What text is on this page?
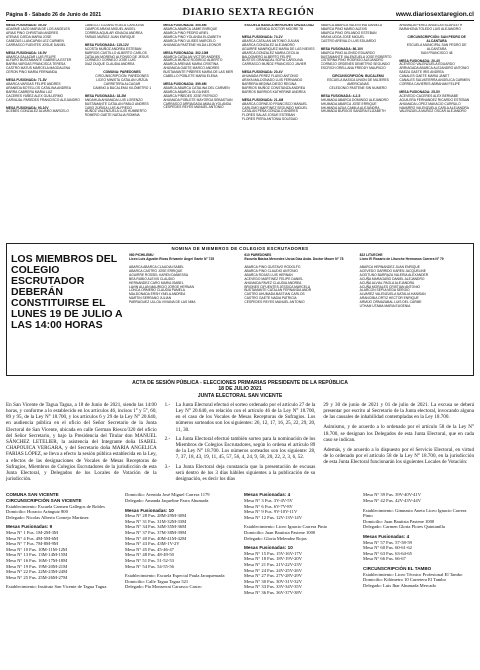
Página 8 - Sábado 26 de Junio de 2021	DIARIO SEXTA REGIÓN	www.diariosextaregion.cl
MESA FUSIONADA: 39-4V
ADASME LAZO MARIA DE LOS ANGELES
ARIAS PINO CHRISTIAN ANDRES
ATENAS OJEDA MARIA JOSE
CABEZAS LLANCAPAN LEZ CARMEN
CARRASCO FUENTES JOSUE DANIEL
MESA FUSIONADA: 16-9V
ABARCA SALAZAR LUIS FELIPE
ALFARO BUSTAMANTE GABRIELA ESTER
BARRA VARGAS FRANCISCA TERESA
CASTRO MATUS MARCELA MAGDALENA
CERON PINO MARIA FERNANDA
MESA FUSIONADA: 71-8V
ABARCA VARGAS FELIPE ANDRES
ARANEDA BOTELLOS CATALINA ANDREA
BARRA CABRERA MARIA LUZ
CACERES YAÑEZ ALEX GUILLERMO
CARVAJAL PAREDES FRANCISCO ALEJANDRO
MESA FUSIONADA: 93-10V
ACEBES GONZALEZ ALVARO MARCELO
CABELLO LOZANO KOELA CAROLINA
CAMPOS ARAYA MIGUEL ANGEL
CORREA AGUILAR IGNACIA ANDREA
FARIAS MUÑOZ JUAN ENRIQUE
MESA FUSIONADA: 115-12V
ACOSTA MUÑOZ ANDREA ESTEBAN
BARRIOS CASTILLO ALBERTO CARLOS
CATALAN MORENO ALFONSO DE JESUS
CORNEJO CORNEJO JOSE LUIS
DIAZ DUQUE CLAUDIA ANDREA
COMUNA: PAREDONES
CIRCUNSCRIPCIÓN: PAREDONES
LICEO MINISTA CATALAN URZÚA
CARRETERA ALCAGAR
CAMINO A BUCALEMU KILÓMETRO 1
MESA FUSIONADA: 18-2M
ANDAHUA AHUMADA LUIS LORENZO
BUSTAMANTE CATALAN PABLO ANDRES
CARO ZUÑIGA LUIS ALFREDO
MUÑOZ VALENZUELA LUIS HUMBERTO
ROMERO GAETE NATALIA ROMINA
MESA FUSIONADA: 305-6M
ABARCA ABARCA JAIME ENRIQUE
ABARCA PINO PEDRO ARIEL
ABARCA PINO YOLANDA ELIZABETH
ABARCA PINO ULISES MARCELO
AHUMADA PASTENE HILDA LEONOR
MESA FUSIONADA: 302-10M
ABARCA CATALAN VICTOR ANDRES
ABARCA MUÑOZ RODRIGO ALBERTO
ABARCA ARENAS MARIA CRISTINA
AHUMADA GAETE MARCO ANDRES
BUSTAMANTE PIÑERES MARIA DE LAS MER
CABELLO POBLETE MARIA ELENA
MESA FUSIONADA: 399-6M
ABARCA ABARCA CATALINA DEL CARMEN
ABARCA ABARCA OLGA INES
ABARCA PIÑEDES JOSE PATRICIO
AHUMADA POBLETE MAYORGA SEBASTIAN
CARRASCO ARRIAGADA AMALIA YOLANDA
CESPEDES REYES MANUEL ANTONIO
ESCUELA BASICA MERCEDES URZUA DIAZ
AVENIDA DOCTOR MOORE 78
MESA FUSIONADA: 74-2V
ABARCA CATALAN ANTONIO JULIAN
ABARCA GONZALEZ ALEJANDRO
AGUIRRE MANRIQUEZ MARIA DE LAS NIEVES
ABARCA GONZALEZ MARIA CECILIA
BALDOMERO ALBERTO FELIPE
BUSTOS GRANADAL SOFIA CAROLINA
CARRASCO MUÑOZ FRANCISCO JAVIER
MESA FUSIONADA: 20-4V
AHUMADA PEREZ FLAVIO ANTONIO
ARAYA MALDONADO LUIS FERNANDO
BARRERA MEDINA DIEGO REGINA
BARRIOS MUÑOZ CONSTANZA ANDREA
BARROS BARRIOS KATHERINE ANDREA
MESA FUSIONADA: 21-4M
ABARCA CORNEJO FRANCISCO MANUEL
CARLOMO MARTINEZ SEGUNDO MIGUEL
CATALAN PEÑA GONZALO ANDRES
FLORES SALAS JOSUE ESTEBAN
FLORES PIERA ANTONIA SOLEDAD
ABARCA ABARCA VALENTINA DANIELA
ABARCA PINO MARIO ALEXIS
ABARCA PINO ORLANDO ESTEBAN
ARAYA UDOA JOSE MIGUEL
CASTRO AREVALO LUIS EDUARDO
MESA FUSIONADA: 86-10V
ABARCA PINO ALONSO EDUARDO
BUSTAMANTE VALENZUELA JOSE ROBERTO
CISTERNA PINO RODRIGO ALEJANDRO
CORNEJO ORDENES DEMETRIO SEGUNDO
ESCRICH ORELLANA FREDDY MAURICIO
CIRCUNSCRIPCIÓN: BUCALEMU
ESCUELA BASICA UNION DE MUJERES AMERICANAS
CELEDONIO PASTENE SIN NUMERO
MESA FUSIONADA: 4-2-5
AHUMADA ABARCA DOMINGO ALEJANDRO
AHUMADA ABARCA JOSE ERRIQUE
AHUMADA AZUA CAMILA ALEJANDRA
AHUMADA BURGOS SANDRA ELIZABETH
AHUMADA PEREZ ANGELA ESCARLETH
BARAHONA TOLEDO LUIS ALEJANDRO
CIRCUNSCRIPCIÓN: SAN PEDRO DE ALCANTARA
ESCUELA MUNICIPAL SAN PEDRO DE ALCANTARA
SAN FRANCISCO 48
MESA FUSIONADA: 20-4V
ACEVEDO VALENZUELA EDUARDO
ARRIAGADA ABARCA ALEJANDRO ANTONIO
BAEZA GAETE IRIS ANDREA
CANALES GAETE MARIA JANET
CANALES SALVATIERRA ANGELICA CARMEN
CORREA CAVIERES ABRAHAM FELIPE
MESA FUSIONADA: 25-5V
ACEVEDO CACERES ALEX BERNABE
AGUILERA FERNANDEZ RICARDO ESTEBAN
AHUMADA LOPEZ MAKACIO CURRULO
NAVARRO VALENZUELA CARLA ALEJANDRA
VALENZUELA MUÑOZ OSCAR ALEJANDRO
NOMINA DE MIEMBROS DE COLEGIOS ESCRUTADORES
LOS MIEMBROS DEL COLEGIO ESCRUTADOR DEBERÁN CONSTITUIRSE EL LUNES 19 DE JULIO A LAS 14:00 HORAS
060 PICHILEMU
Liceo Luis Agustin Rioss Erivamie Ángel Gaete N° 725
ABARCA ABARCA CLAUDIA ISABEL
ABARCA CASTRO JOSE ERRIQUE
AGUIRRE ROSSEL KAREN DANIESSA
BEA RUBIO ALEXIS CLAUDIO
HERNANDEZ CARO MARIA ISABEL
LAVIN ALLAN MAURICIO JORGE HERNAN
LONCA ORMEÑO CLAUDIA PAMELA
MALDONADA ERSH YAELA ANDREA
MARTIN SERRANO JULIAN
PARRAGUEZ ULLOA VIVIANA DE LAS NMA
610 PAREDONES
Escuela Básica Mercedes Urzúa Díaz Avda. Doctor Moore N° 78
ABARCA PINO GUSTAVO RODOLFO
ABARCA PINO CLAUDIO ANTONIO
ABARCA ROJAS LUIS HERNAN
ACEVEDO MARTINEZ FELIPE DANIEL
AHUMADA PAVEZ CLAUDIA ANDREA
BRIONES CIFUENTES JESSICA MARCELA
BUSTAMANTE CATALAN FERNANDA ANDR
CASTRO AHUMADA BASTIAN CARLOS
CASTRO GAETE NADIA PATRICIA
CESPEDES REYES MANUEL ANTONIO
822 LITUECHE
Liceo El Rosario de Litueche Hermanos Carrera N° 79
ABARCA HERNANDEZ JUAN ENRIQUE
ACEVEDO GARRIDO KAREN JACQUELINE
ACEITUNO BARRAZA VALERIA ALEXANDER
ACUÑA MARAGAÑO DANIEL ALEJANDRO
ACUÑA ALVIAL PAOLA ALEJANDRA
ACUÑA MORALES CRISTIAN ANTONIO
ALARCON SEPULVEDA SERGIO
ALVAREZ VALENZUELA NATALIA HANISAN
ARANCIBIA ORTIZ HECTOR ENRIQUE
ARMIJO ORMAZABAL LUIS DEL CARME
UTHAM UTAMA MARIA EUGENIA
ACTA DE SESIÓN PÚBLICA - ELECCIONES PRIMARIAS PRESIDENTE DE LA REPÚBLICA
18 DE JULIO 2021
JUNTA ELECTORAL SAN VICENTE

En San Vicente de Tagua Tagua, a 18 de Junio de 2021, siendo las 14:00 horas, y conforme a lo establecido en los artículos 46, incisos 1° y 5°, 60, 89 y 95, de la Ley N° 18.700, y los artículos 6 y 29 de la Ley N° 20.640, en audiencia pública en el oficio del Señor Secretario de la Junta Electoral de San Vicente, ubicada en calle German Riesco/320 del oficio del Señor Secretario, y bajo la Presidencia del Titular don MANUEL SÁNCHEZ LETELIER, la asistencia del Integrante doña ISABEL CHAPOUICA VERGARA, y del Secretario doña MARIA ANGELICA FARIAS LÓPEZ, se lleva a efecto la sesión pública establecida en la Ley, a efectos de las designaciones de Vocales de Mesas Receptoras de Sufragios, Miembros de Colegios Escrutadores de la jurisdicción de esta Junta Electoral, y Delegados de los Locales de Votación de la jurisdicción.

1.-	La Junta Electoral efectuó el sorteo ordenado por el artículo 27 de la Ley N° 20.640, en relación con el artículo 46 de la Ley N° 18.700, en el caso de los Vocales de Mesas Receptoras de Sufragios. Los números sorteados son los siguientes: 26, 12, 17, 16, 25, 22, 29, 20, 11, 30.
2.-	La Junta Electoral efectuó también sorteo para la nominación de los Miembros de Colegios Escrutadores, según lo ordena el artículo 89 de la Ley N° 18.700. Los números sorteados son los siguiente: 28, 7, 37, 18, 43, 19, 11, 45, 57, 56, 4, 24, 9, 58, 20, 22, 2, 3, 6, 52.
3.-	La Junta Electoral deja constancia que la presentación de excusas será dentro de los 3 días hábiles siguientes a la publicación de su designación, es decir los días

29 y 30 de junio de 2021 y 01 de julio de 2021. La excusa se deberá presentar por escrito al Secretario de la Junta electoral, invocando alguna de las causales de inhabilidad contempladas en la Ley 18.700.

Asimismo, y de acuerdo a lo ordenado por el artículo 58 de la Ley N° 18.700, se designan los Delegados de esta Junta Electoral, que en cada caso se indican.

Además, y de acuerdo a lo dispuesto por el Servicio Electoral, en virtud de lo ordenado por el artículo 58 de la Ley N° 18.700, en la jurisdicción de esta Junta Electoral funcionarán los siguientes Locales de Votación:

COMUNA SAN VICENTE
CIRCUNSCRIPCIÓN SAN VICENTE
Establecimiento: Escuela Carmen Gallegos de Robles
Domicilio: Horacio Aránguiz 800
Delegado: Nicolas Alberto Cornejo Martinez
Mesas Fusionadas: 9
Mesa N° 1 Fus. 1M-2M-3M
Mesa N° 4 Fus. 4M-5M-6M
Mesa N° 7 Fus. 7M-8M-9M
Mesa N° 10 Fus. 10M-11M-12M
Mesa N° 13 Fus. 13M-14M-15M
Mesa N° 16 Fus. 16M-17M-18M
Mesa N° 19 Fus. 19M-20M-21M
Mesa N° 22 Fus. 22M-23M-24M
Mesa N° 25 Fus. 25M-26M-27M
Establecimiento: Instituto San Vicente de Tagua Tagua
Domicilio: Avenida José Miguel Carrera 1179
Delegado: Amanda Jaqueline Parra Ahumada
Mesas Fusionadas: 10
Mesa N° 28 Fus. 28M-29M-30M
Mesa N° 31 Fus. 31M-32M-33M
Mesa N° 34 Fus. 34M-35M-36M
Mesa N° 37 Fus. 37M-38M-39M
Mesa N° 40 Fus. 40M-41M-42M
Mesa N° 43 Fus. 43M-1V-2V
Mesa N° 45 Fus. 45-46-47
Mesa N° 48 Fus. 48-49-50
Mesa N° 51 Fus. 51-52-53
Mesa N° 54 Fus. 54-55-56
Establecimiento: Escuela Especial Paula Jaraquemada
Domicilio: Calle Tagua Tagua 521
Delegado: Pía Monserrat Carrasco Castro
Mesas Fusionadas: 4
Mesa N° 3 Fus. 3V-4V-5V
Mesa N° 6 Fus. 6V-7V-8V
Mesa N° 9 Fus. 9V-10V-11V
Mesa N° 12 Fus. 12V-13V-14V
Establecimiento: Liceo Ignacio Carrera Pinto
Domicilio: Juan Bautista Pastene 1000
Delegado: Gloria Melendez Rojas
Mesas Fusionadas: 10
Mesa N° 15 Fus. 15V-16V-17V
Mesa N° 18 Fus. 18V-19V-20V
Mesa N° 21 Fus. 21V-22V-23V
Mesa N° 24 Fus. 24V-25V-26V
Mesa N° 27 Fus. 27V-28V-29V
Mesa N° 30 Fus. 30V-31V-32V
Mesa N° 33 Fus. 33V-34V-35V
Mesa N° 36 Fus. 36V-37V-38V
Mesa N° 39 Fus. 39V-40V-41V
Mesa N° 42 Fus. 42V-43V-44V
Establecimiento: Gimnasio Aneto Liceo Ignacio Carrera Pinto
Domicilio: Juan Bautista Pastene 1000
Delegado: Carmen Gloria Flores Quintanilla
Mesas Fusionadas: 4
Mesa N° 57 Fus. 57-58-59
Mesa N° 60 Fus. 60-61-62
Mesa N° 63 Fus. 63-64-65
Mesa N° 66 Fus. 66-67
CIRCUNSCRIPCIÓN EL TAMBO
Establecimiento: Liceo Técnico Profesional El Tambo
Domicilio: Kilómetro 10 Carretera El Tambo
Delegado: Luis Ibar Ahumada Mercado
